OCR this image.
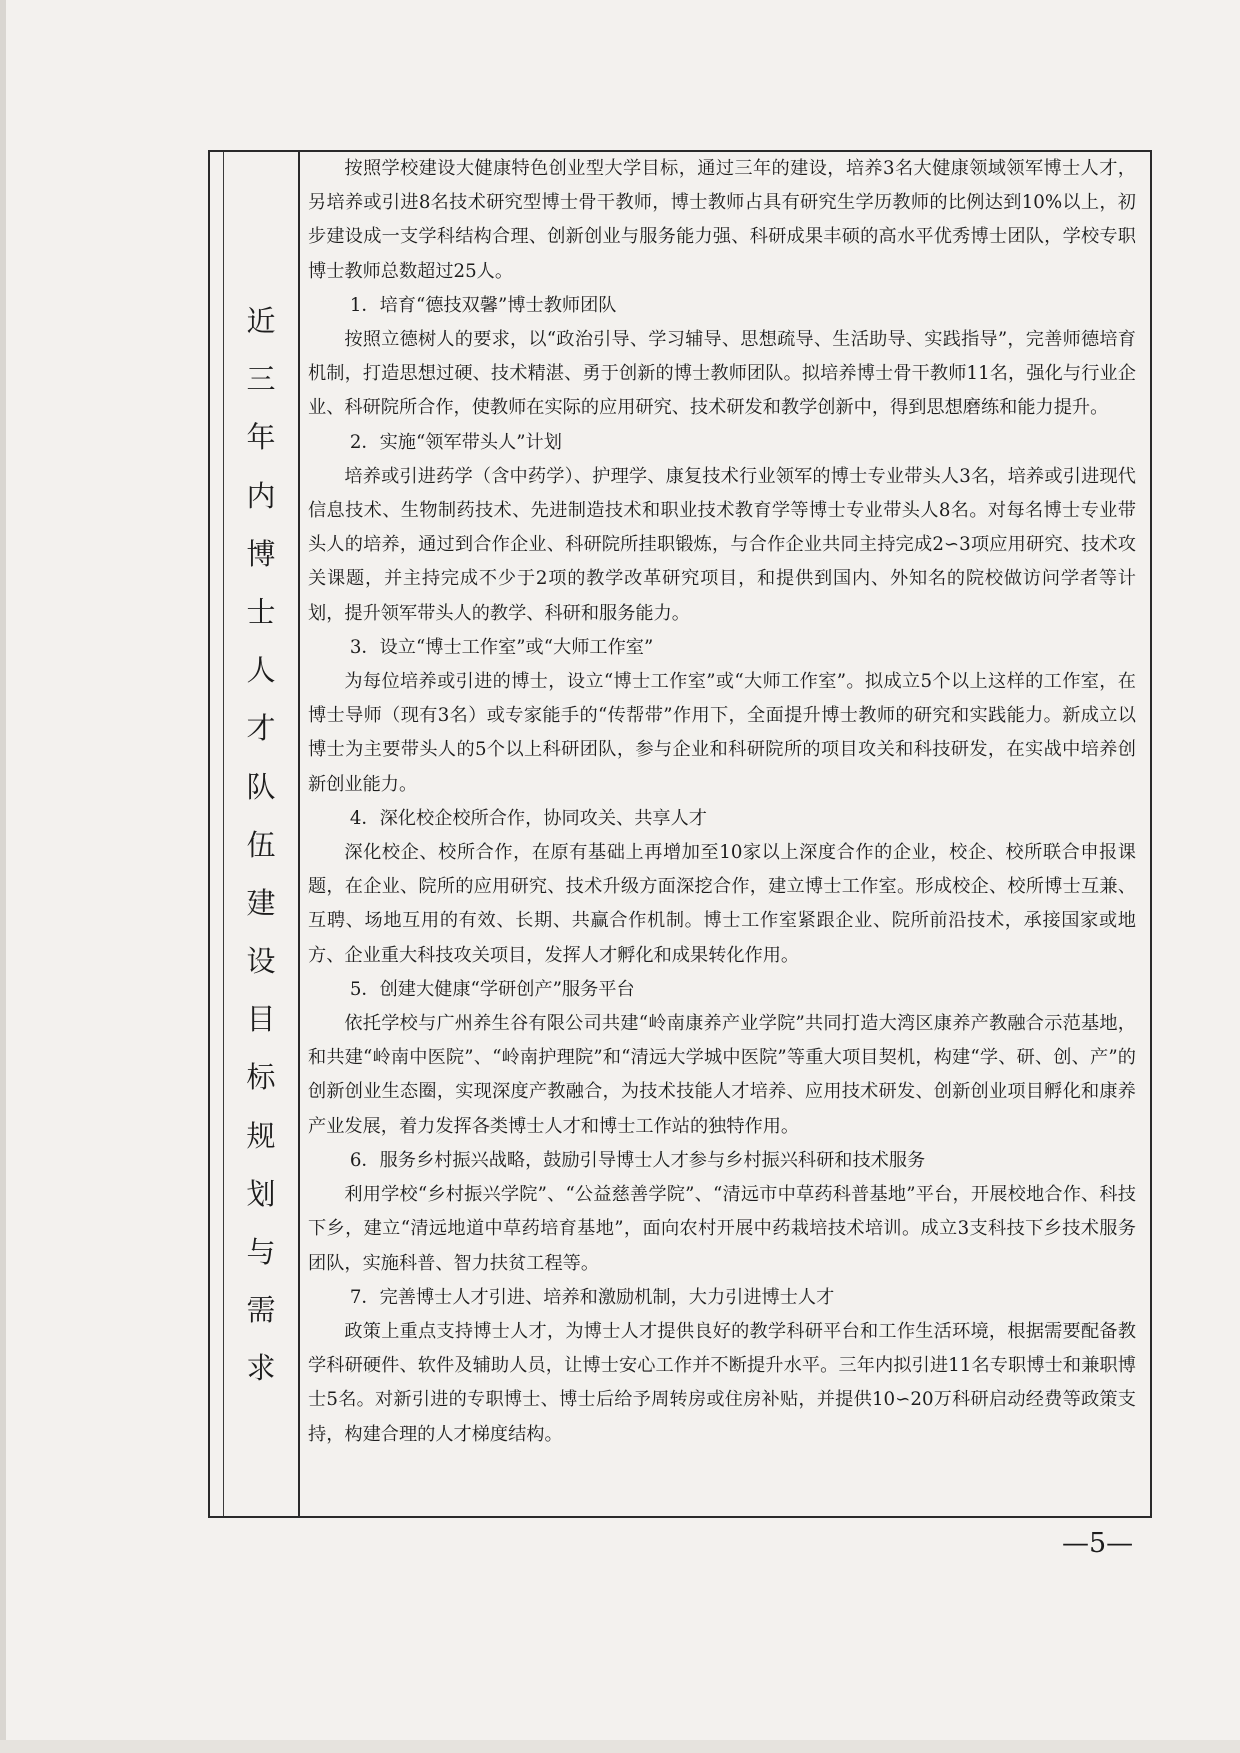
近
三
年
内
博
士
人
才
队
伍
建
设
目
标
规
划
与
需
求

按照学校建设大健康特色创业型大学目标，通过三年的建设，培养3名大健康领域领军博士人才，另培养或引进8名技术研究型博士骨干教师，博士教师占具有研究生学历教师的比例达到10%以上，初步建设成一支学科结构合理、创新创业与服务能力强、科研成果丰硕的高水平优秀博士团队，学校专职博士教师总数超过25人。

1．培育“德技双馨”博士教师团队

按照立德树人的要求，以“政治引导、学习辅导、思想疏导、生活助导、实践指导”，完善师德培育机制，打造思想过硬、技术精湛、勇于创新的博士教师团队。拟培养博士骨干教师11名，强化与行业企业、科研院所合作，使教师在实际的应用研究、技术研发和教学创新中，得到思想磨练和能力提升。

2．实施“领军带头人”计划

培养或引进药学（含中药学）、护理学、康复技术行业领军的博士专业带头人3名，培养或引进现代信息技术、生物制药技术、先进制造技术和职业技术教育学等博士专业带头人8名。对每名博士专业带头人的培养，通过到合作企业、科研院所挂职锻炼，与合作企业共同主持完成2∽3项应用研究、技术攻关课题，并主持完成不少于2项的教学改革研究项目，和提供到国内、外知名的院校做访问学者等计划，提升领军带头人的教学、科研和服务能力。

3．设立“博士工作室”或“大师工作室”

为每位培养或引进的博士，设立“博士工作室”或“大师工作室”。拟成立5个以上这样的工作室，在博士导师（现有3名）或专家能手的“传帮带”作用下，全面提升博士教师的研究和实践能力。新成立以博士为主要带头人的5个以上科研团队，参与企业和科研院所的项目攻关和科技研发，在实战中培养创新创业能力。

4．深化校企校所合作，协同攻关、共享人才

深化校企、校所合作，在原有基础上再增加至10家以上深度合作的企业，校企、校所联合申报课题，在企业、院所的应用研究、技术升级方面深挖合作，建立博士工作室。形成校企、校所博士互兼、互聘、场地互用的有效、长期、共赢合作机制。博士工作室紧跟企业、院所前沿技术，承接国家或地方、企业重大科技攻关项目，发挥人才孵化和成果转化作用。

5．创建大健康“学研创产”服务平台

依托学校与广州养生谷有限公司共建“岭南康养产业学院”共同打造大湾区康养产教融合示范基地，和共建“岭南中医院”、“岭南护理院”和“清远大学城中医院”等重大项目契机，构建“学、研、创、产”的创新创业生态圈，实现深度产教融合，为技术技能人才培养、应用技术研发、创新创业项目孵化和康养产业发展，着力发挥各类博士人才和博士工作站的独特作用。

6．服务乡村振兴战略，鼓励引导博士人才参与乡村振兴科研和技术服务

利用学校“乡村振兴学院”、“公益慈善学院”、“清远市中草药科普基地”平台，开展校地合作、科技下乡，建立“清远地道中草药培育基地”，面向农村开展中药栽培技术培训。成立3支科技下乡技术服务团队，实施科普、智力扶贫工程等。

7．完善博士人才引进、培养和激励机制，大力引进博士人才

政策上重点支持博士人才，为博士人才提供良好的教学科研平台和工作生活环境，根据需要配备教学科研硬件、软件及辅助人员，让博士安心工作并不断提升水平。三年内拟引进11名专职博士和兼职博士5名。对新引进的专职博士、博士后给予周转房或住房补贴，并提供10∽20万科研启动经费等政策支持，构建合理的人才梯度结构。

—5—
